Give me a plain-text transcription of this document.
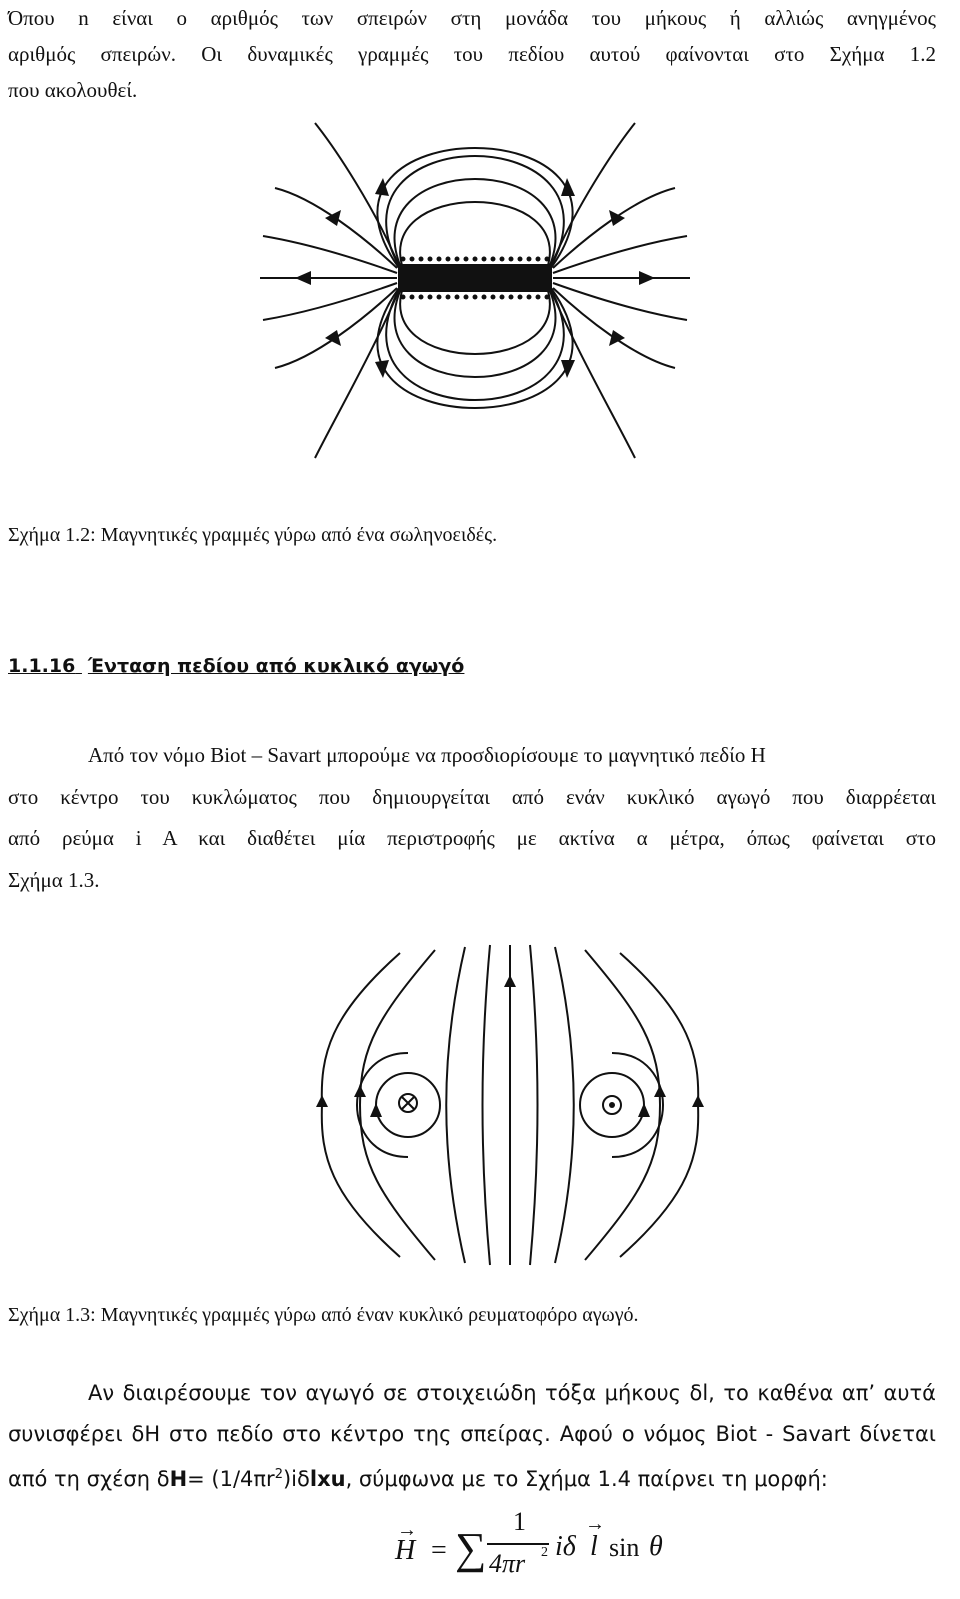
Όπου n είναι ο αριθμός των σπειρών στη μονάδα του μήκους ή αλλιώς ανηγμένος
αριθμός σπειρών. Οι δυναμικές γραμμές του πεδίου αυτού φαίνονται στο Σχήμα 1.2
που ακολουθεί.
Σχήμα 1.2: Μαγνητικές γραμμές γύρω από ένα σωληνοειδές.
1.1.16 Ένταση πεδίου από κυκλικό αγωγό
Από τον νόμο Biot – Savart μπορούμε να προσδιορίσουμε το μαγνητικό πεδίο Η
στο κέντρο του κυκλώματος που δημιουργείται από ενάν κυκλικό αγωγό που διαρρέεται
από ρεύμα i A και διαθέτει μία περιστροφής με ακτίνα α μέτρα, όπως φαίνεται στο
Σχήμα 1.3.
Σχήμα 1.3: Μαγνητικές γραμμές γύρω από έναν κυκλικό ρευματοφόρο αγωγό.
Αν διαιρέσουμε τον αγωγό σε στοιχειώδη τόξα μήκους δl, το καθένα απ’ αυτά
συνισφέρει δΗ στο πεδίο στο κέντρο της σπείρας. Αφού ο νόμος Biot - Savart δίνεται
από τη σχέση $\delta H= (1/4\pi r^2)i\delta lxu$, σύμφωνα με το Σχήμα 1.4 παίρνει τη μορφή:
H
→
= ∑
1
4πr 2 iδ l
→
sin θ
